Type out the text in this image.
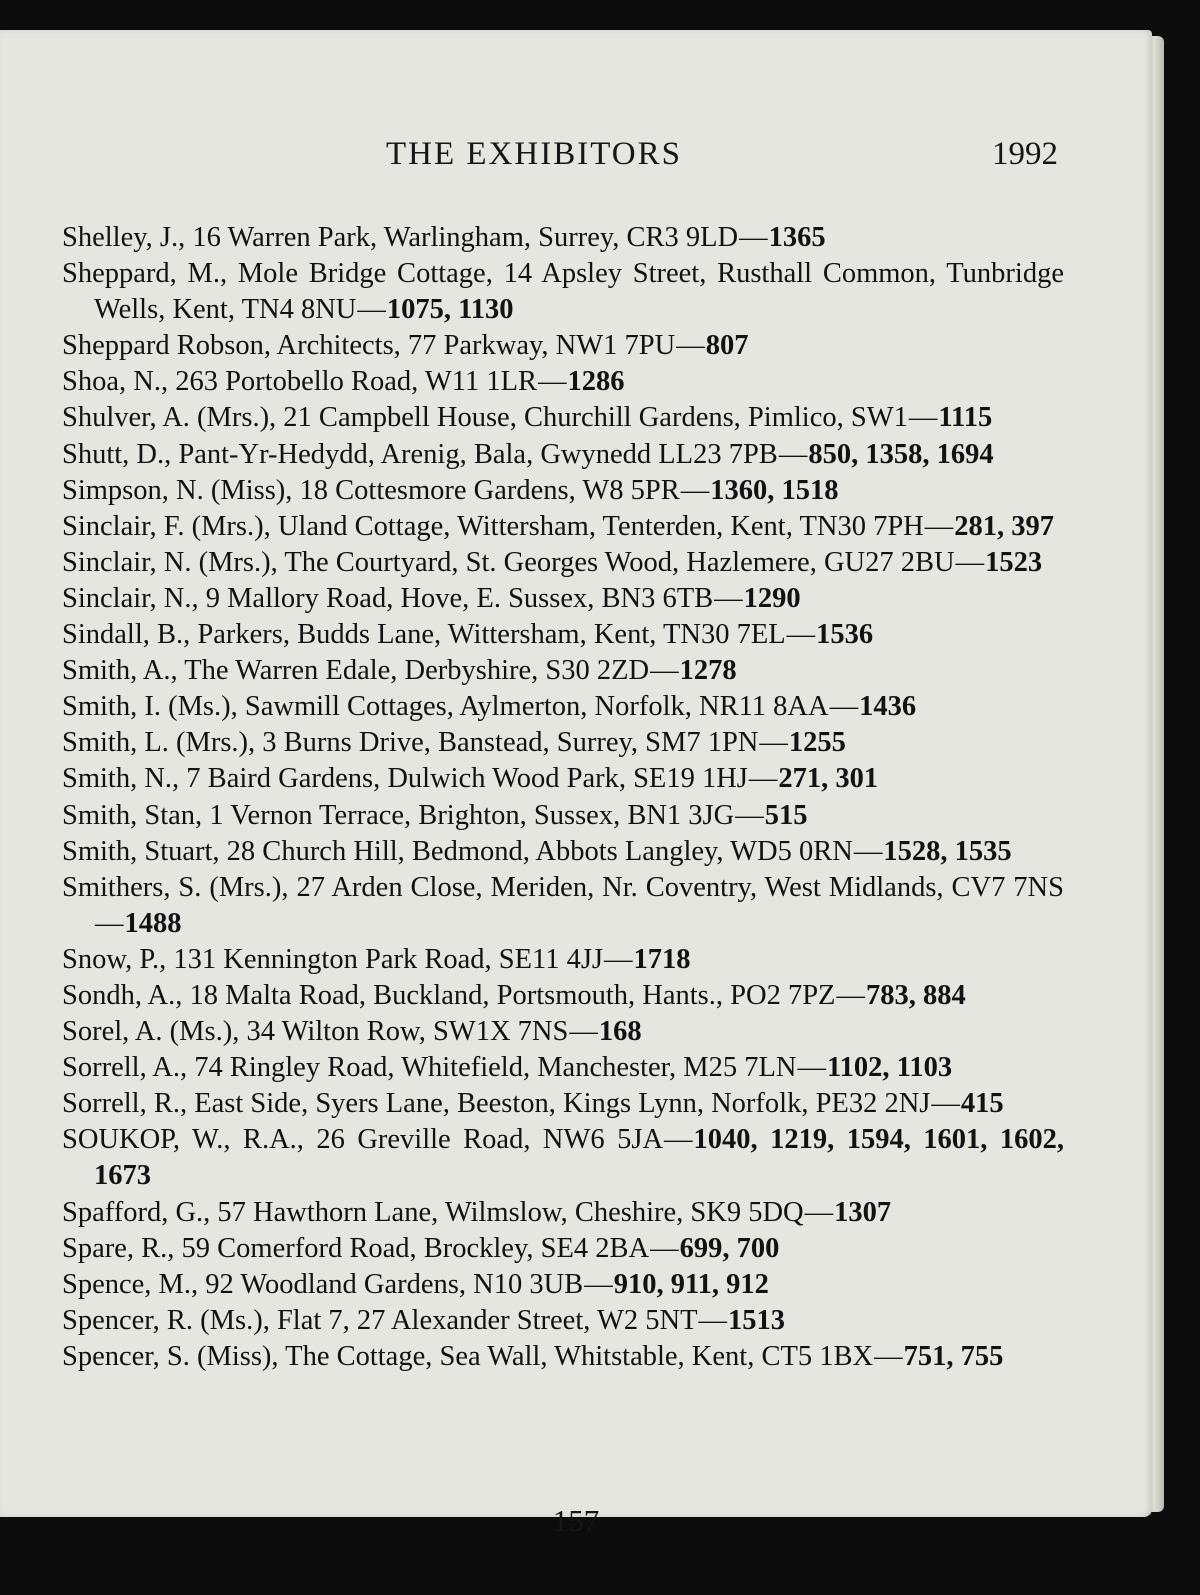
THE EXHIBITORS	1992
Shelley, J., 16 Warren Park, Warlingham, Surrey, CR3 9LD—1365
Sheppard, M., Mole Bridge Cottage, 14 Apsley Street, Rusthall Common, Tunbridge Wells, Kent, TN4 8NU—1075, 1130
Sheppard Robson, Architects, 77 Parkway, NW1 7PU—807
Shoa, N., 263 Portobello Road, W11 1LR—1286
Shulver, A. (Mrs.), 21 Campbell House, Churchill Gardens, Pimlico, SW1—1115
Shutt, D., Pant-Yr-Hedydd, Arenig, Bala, Gwynedd LL23 7PB—850, 1358, 1694
Simpson, N. (Miss), 18 Cottesmore Gardens, W8 5PR—1360, 1518
Sinclair, F. (Mrs.), Uland Cottage, Wittersham, Tenterden, Kent, TN30 7PH—281, 397
Sinclair, N. (Mrs.), The Courtyard, St. Georges Wood, Hazlemere, GU27 2BU—1523
Sinclair, N., 9 Mallory Road, Hove, E. Sussex, BN3 6TB—1290
Sindall, B., Parkers, Budds Lane, Wittersham, Kent, TN30 7EL—1536
Smith, A., The Warren Edale, Derbyshire, S30 2ZD—1278
Smith, I. (Ms.), Sawmill Cottages, Aylmerton, Norfolk, NR11 8AA—1436
Smith, L. (Mrs.), 3 Burns Drive, Banstead, Surrey, SM7 1PN—1255
Smith, N., 7 Baird Gardens, Dulwich Wood Park, SE19 1HJ—271, 301
Smith, Stan, 1 Vernon Terrace, Brighton, Sussex, BN1 3JG—515
Smith, Stuart, 28 Church Hill, Bedmond, Abbots Langley, WD5 0RN—1528, 1535
Smithers, S. (Mrs.), 27 Arden Close, Meriden, Nr. Coventry, West Midlands, CV7 7NS—1488
Snow, P., 131 Kennington Park Road, SE11 4JJ—1718
Sondh, A., 18 Malta Road, Buckland, Portsmouth, Hants., PO2 7PZ—783, 884
Sorel, A. (Ms.), 34 Wilton Row, SW1X 7NS—168
Sorrell, A., 74 Ringley Road, Whitefield, Manchester, M25 7LN—1102, 1103
Sorrell, R., East Side, Syers Lane, Beeston, Kings Lynn, Norfolk, PE32 2NJ—415
SOUKOP, W., R.A., 26 Greville Road, NW6 5JA—1040, 1219, 1594, 1601, 1602, 1673
Spafford, G., 57 Hawthorn Lane, Wilmslow, Cheshire, SK9 5DQ—1307
Spare, R., 59 Comerford Road, Brockley, SE4 2BA—699, 700
Spence, M., 92 Woodland Gardens, N10 3UB—910, 911, 912
Spencer, R. (Ms.), Flat 7, 27 Alexander Street, W2 5NT—1513
Spencer, S. (Miss), The Cottage, Sea Wall, Whitstable, Kent, CT5 1BX—751, 755
157
